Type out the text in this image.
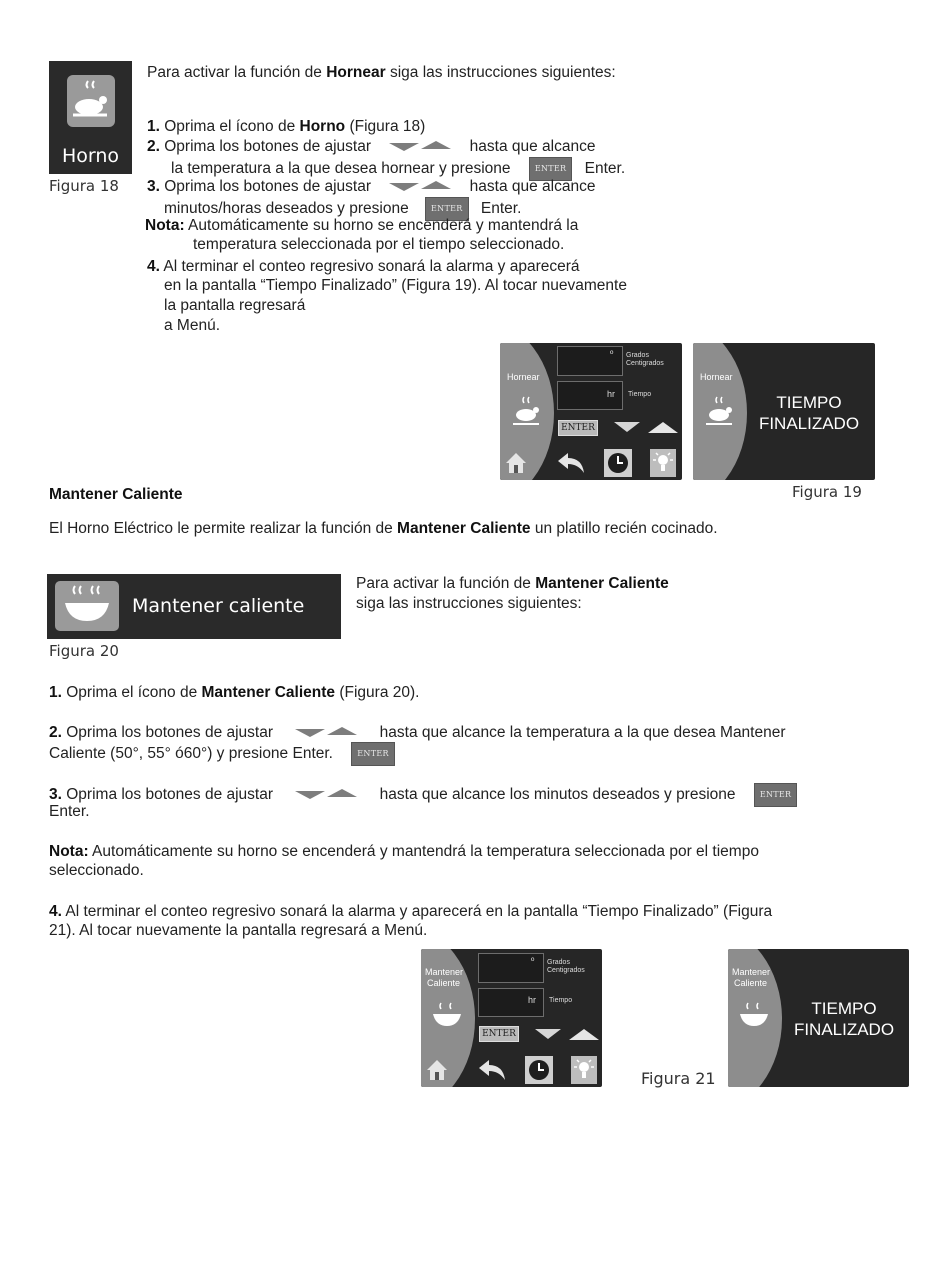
Horno
Figura 18
Para activar la función de Hornear siga las instrucciones siguientes:
1. Oprima el ícono de Horno (Figura 18)
2. Oprima los botones de ajustar	hasta que alcance
la temperatura a la que desea hornear y presione	ENTER Enter.
3. Oprima los botones de ajustar	hasta que alcance
minutos/horas deseados y presione	ENTER Enter.
Nota: Automáticamente su horno se encenderá y mantendrá la
temperatura seleccionada por el tiempo seleccionado.
4. Al terminar el conteo regresivo sonará la alarma y aparecerá
en la pantalla “Tiempo Finalizado” (Figura 19). Al tocar nuevamente
la pantalla regresará
a Menú.
Hornear
º Grados
Centigrados
hr Tiempo
ENTER
Hornear
TIEMPO
FINALIZADO
Figura 19
Mantener Caliente
El Horno Eléctrico le permite realizar la función de Mantener Caliente un platillo recién cocinado.
Mantener caliente
Figura 20
Para activar la función de Mantener Caliente
siga las instrucciones siguientes:
1. Oprima el ícono de Mantener Caliente (Figura 20).
2. Oprima los botones de ajustar	hasta que alcance la temperatura a la que desea Mantener
Caliente (50°, 55° ó60°) y presione Enter.	ENTER
3. Oprima los botones de ajustar	hasta que alcance los minutos deseados y presione	ENTER
Enter.
Nota: Automáticamente su horno se encenderá y mantendrá la temperatura seleccionada por el tiempo
seleccionado.
4. Al terminar el conteo regresivo sonará la alarma y aparecerá en la pantalla “Tiempo Finalizado” (Figura
21). Al tocar nuevamente la pantalla regresará a Menú.
Mantener
Caliente
º Grados
Centigrados
hr Tiempo
ENTER
Figura 21
Mantener
Caliente
TIEMPO
FINALIZADO
